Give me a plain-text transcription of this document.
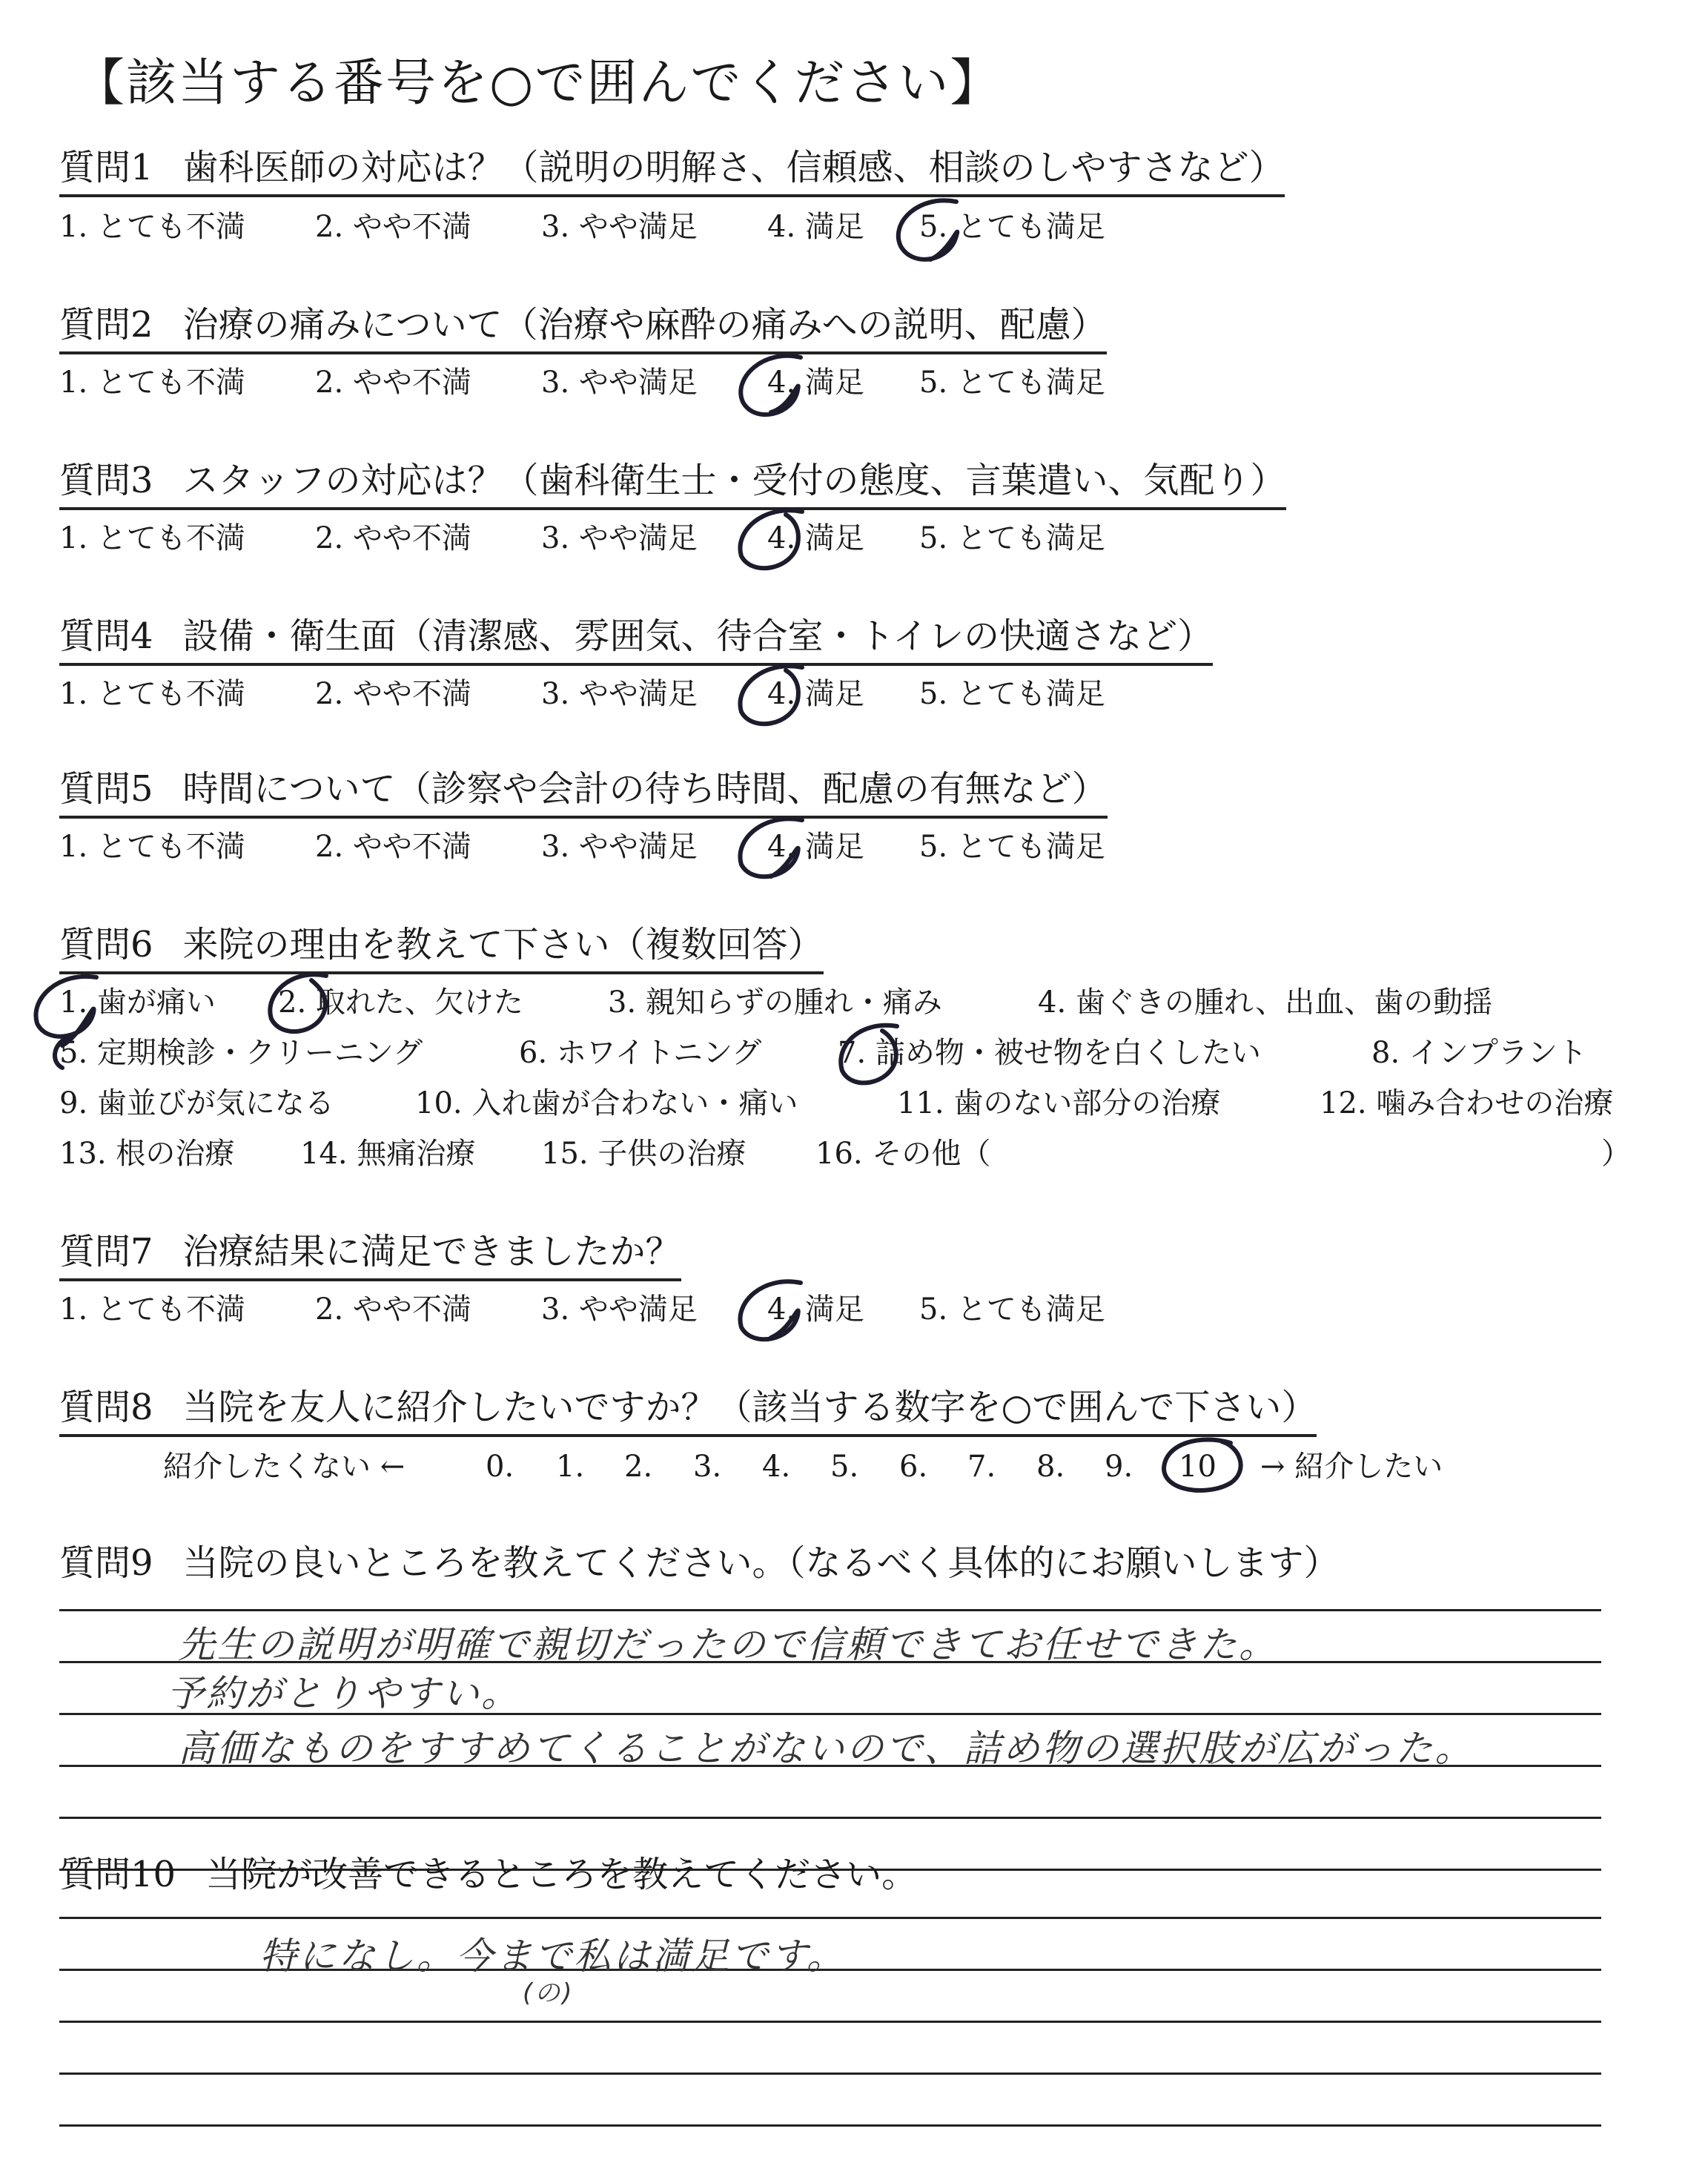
【該当する番号を○で囲んでください】
質問1 歯科医師の対応は？（説明の明解さ、信頼感、相談のしやすさなど）
1. とても不満 2. やや不満 3. やや満足 4. 満足 5. とても満足
質問2 治療の痛みについて（治療や麻酔の痛みへの説明、配慮）
1. とても不満 2. やや不満 3. やや満足 4. 満足 5. とても満足
質問3 スタッフの対応は？（歯科衛生士・受付の態度、言葉遣い、気配り）
1. とても不満 2. やや不満 3. やや満足 4. 満足 5. とても満足
質問4 設備・衛生面（清潔感、雰囲気、待合室・トイレの快適さなど）
1. とても不満 2. やや不満 3. やや満足 4. 満足 5. とても満足
質問5 時間について（診察や会計の待ち時間、配慮の有無など）
1. とても不満 2. やや不満 3. やや満足 4. 満足 5. とても満足
質問6 来院の理由を教えて下さい（複数回答）
1. 歯が痛い 2. 取れた、欠けた	3. 親知らずの腫れ・痛み	4. 歯ぐきの腫れ、出血、歯の動揺
5. 定期検診・クリーニング	6. ホワイトニング	7. 詰め物・被せ物を白くしたい	8. インプラント
9. 歯並びが気になる	10. 入れ歯が合わない・痛い	11. 歯のない部分の治療	12. 噛み合わせの治療
13. 根の治療 14. 無痛治療 15. 子供の治療 16. その他（	）
質問7 治療結果に満足できましたか？
1. とても不満 2. やや不満 3. やや満足 4. 満足 5. とても満足
質問8 当院を友人に紹介したいですか？（該当する数字を○で囲んで下さい）
紹介したくない ←	0. 1. 2. 3. 4. 5. 6. 7. 8. 9. 10 → 紹介したい
質問9 当院の良いところを教えてください。（なるべく具体的にお願いします）
先生の説明が明確で親切だったので信頼できてお任せできた。
予約がとりやすい。
高価なものをすすめてくることがないので、詰め物の選択肢が広がった。
質問10 当院が改善できるところを教えてください。
特になし。今まで私は満足です。
(の)
